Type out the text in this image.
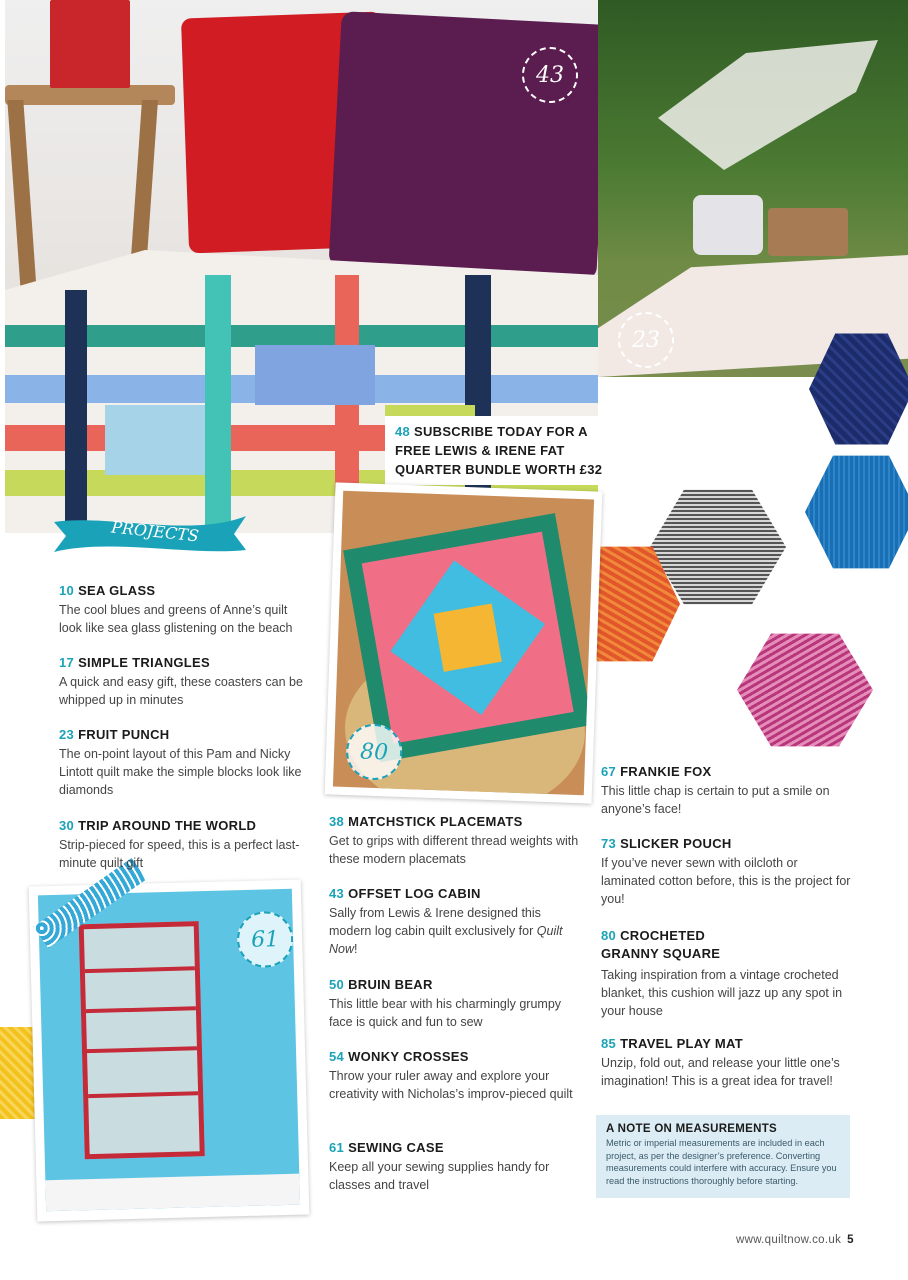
43
23
48 SUBSCRIBE TODAY FOR A FREE LEWIS & IRENE FAT QUARTER BUNDLE WORTH £32
80
61
PROJECTS
10 SEA GLASS
The cool blues and greens of Anne’s quilt look like sea glass glistening on the beach
17 SIMPLE TRIANGLES
A quick and easy gift, these coasters can be whipped up in minutes
23 FRUIT PUNCH
The on-point layout of this Pam and Nicky Lintott quilt make the simple blocks look like diamonds
30 TRIP AROUND THE WORLD
Strip-pieced for speed, this is a perfect last-minute quilt gift
38 MATCHSTICK PLACEMATS
Get to grips with different thread weights with these modern placemats
43 OFFSET LOG CABIN
Sally from Lewis & Irene designed this modern log cabin quilt exclusively for Quilt Now!
50 BRUIN BEAR
This little bear with his charmingly grumpy face is quick and fun to sew
54 WONKY CROSSES
Throw your ruler away and explore your creativity with Nicholas’s improv-pieced quilt
61 SEWING CASE
Keep all your sewing supplies handy for classes and travel
67 FRANKIE FOX
This little chap is certain to put a smile on anyone’s face!
73 SLICKER POUCH
If you’ve never sewn with oilcloth or laminated cotton before, this is the project for you!
80 CROCHETED GRANNY SQUARE
Taking inspiration from a vintage crocheted blanket, this cushion will jazz up any spot in your house
85 TRAVEL PLAY MAT
Unzip, fold out, and release your little one’s imagination! This is a great idea for travel!
A NOTE ON MEASUREMENTS
Metric or imperial measurements are included in each project, as per the designer’s preference. Converting measurements could interfere with accuracy. Ensure you read the instructions thoroughly before starting.
www.quiltnow.co.uk 5
